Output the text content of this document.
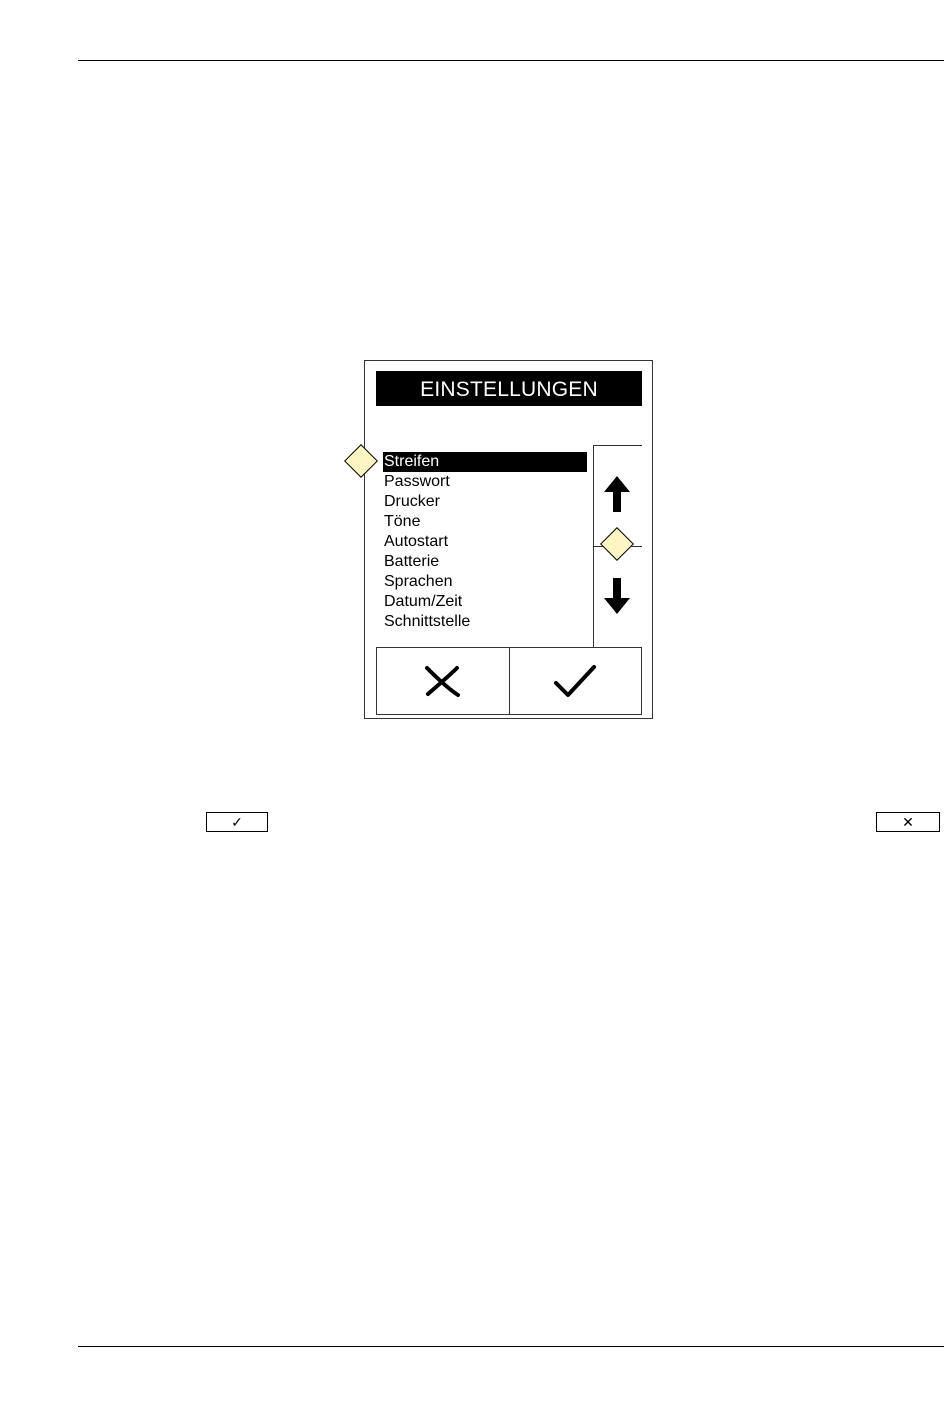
EINSTELLUNGEN
Streifen
Passwort
Drucker
Töne
Autostart
Batterie
Sprachen
Datum/Zeit
Schnittstelle
✓	✕
